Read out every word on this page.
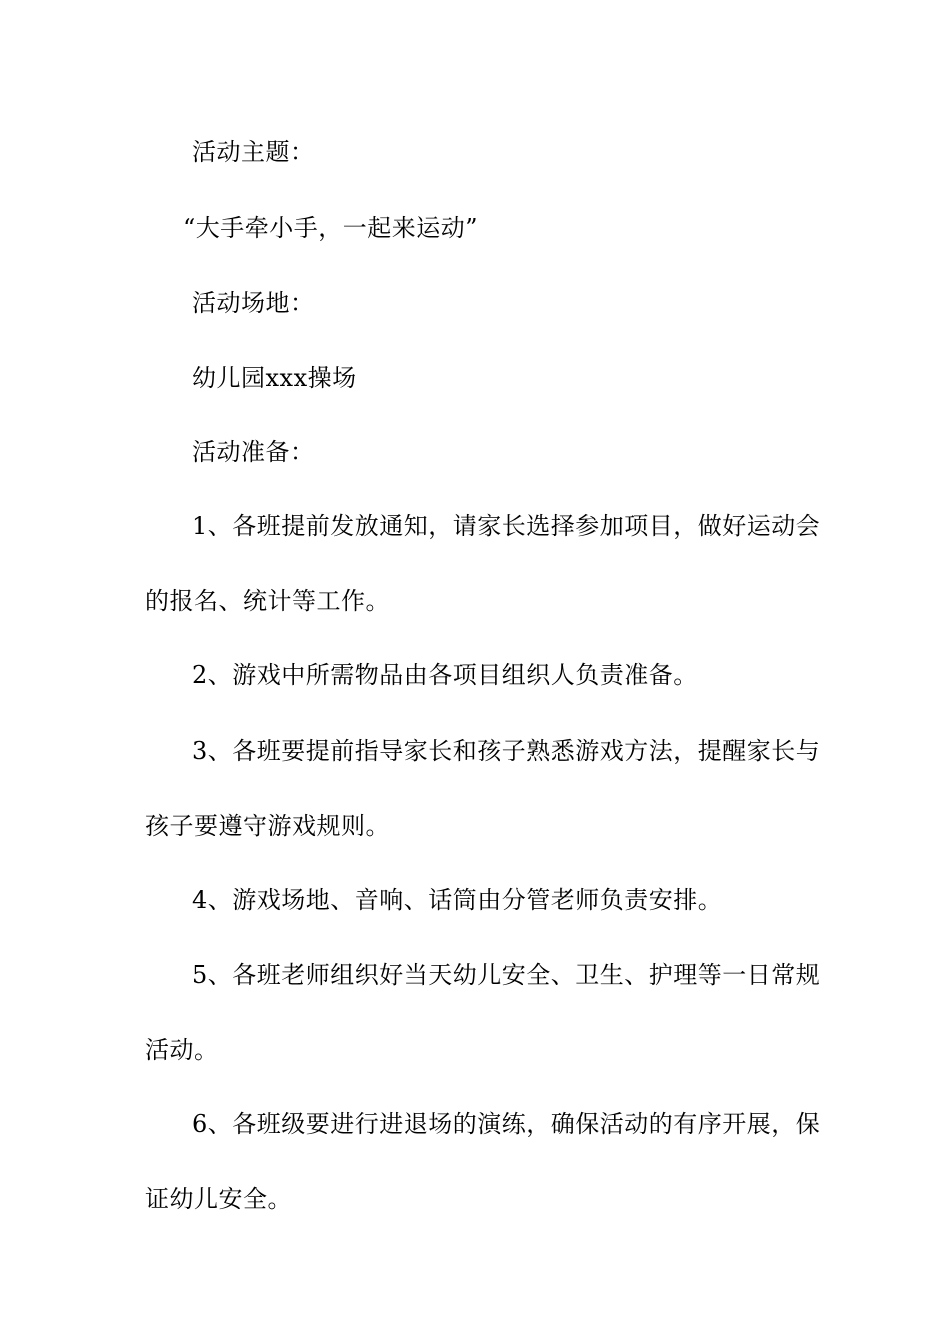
活动主题：
“大手牵小手，一起来运动”
活动场地：
幼儿园xxx操场
活动准备：
1、各班提前发放通知，请家长选择参加项目，做好运动会
的报名、统计等工作。
2、游戏中所需物品由各项目组织人负责准备。
3、各班要提前指导家长和孩子熟悉游戏方法，提醒家长与
孩子要遵守游戏规则。
4、游戏场地、音响、话筒由分管老师负责安排。
5、各班老师组织好当天幼儿安全、卫生、护理等一日常规
活动。
6、各班级要进行进退场的演练，确保活动的有序开展，保
证幼儿安全。
